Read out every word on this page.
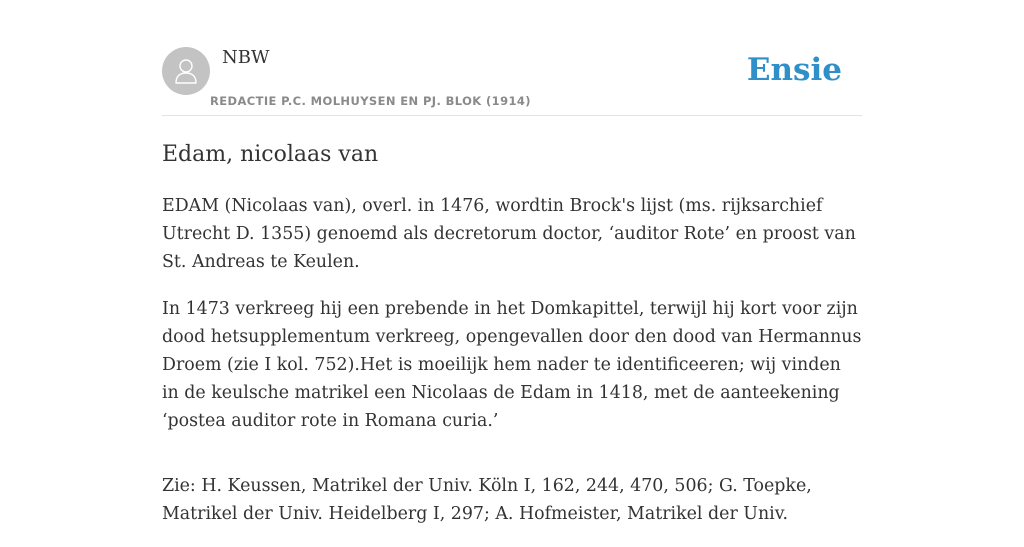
NBW
REDACTIE P.C. MOLHUYSEN EN PJ. BLOK (1914)
Ensie
Edam, nicolaas van

EDAM (Nicolaas van), overl. in 1476, wordtin Brock's lijst (ms. rijksarchief Utrecht D. 1355) genoemd als decretorum doctor, ‘auditor Rote’ en proost van St. Andreas te Keulen.

In 1473 verkreeg hij een prebende in het Domkapittel, terwijl hij kort voor zijn dood hetsupplementum verkreeg, opengevallen door den dood van Hermannus Droem (zie I kol. 752).Het is moeilijk hem nader te identificeeren; wij vinden in de keulsche matrikel een Nicolaas de Edam in 1418, met de aanteekening ‘postea auditor rote in Romana curia.’

Zie: H. Keussen, Matrikel der Univ. Köln I, 162, 244, 470, 506; G. Toepke, Matrikel der Univ. Heidelberg I, 297; A. Hofmeister, Matrikel der Univ.
